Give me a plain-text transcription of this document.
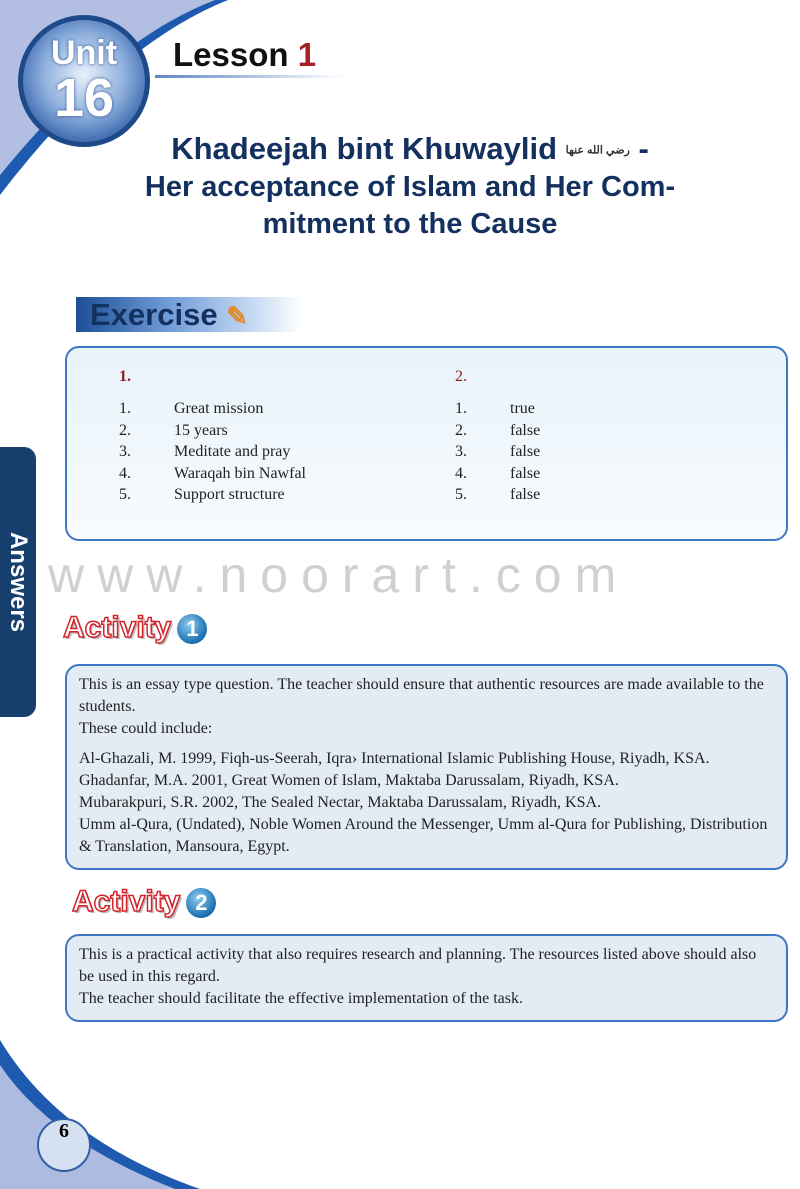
Unit
16
Lesson 1
Khadeejah bint Khuwaylid رضي الله عنها -
Her acceptance of Islam and Her Com-
mitment to the Cause
Exercise ✎
1.
1.	Great mission
2.	15 years
3.	Meditate and pray
4.	Waraqah bin Nawfal
5.	Support structure
2.
1.	true
2.	false
3.	false
4.	false
5.	false
Answers www.noorart.com
Activity 1

This is an essay type question. The teacher should ensure that authentic resources are made available to the students.

These could include:

Al-Ghazali, M. 1999, Fiqh-us-Seerah, Iqra› International Islamic Publishing House, Riyadh, KSA.

Ghadanfar, M.A. 2001, Great Women of Islam, Maktaba Darussalam, Riyadh, KSA.

Mubarakpuri, S.R. 2002, The Sealed Nectar, Maktaba Darussalam, Riyadh, KSA.

Umm al-Qura, (Undated), Noble Women Around the Messenger, Umm al-Qura for Publishing, Distribution & Translation, Mansoura, Egypt.

Activity 2

This is a practical activity that also requires research and planning. The resources listed above should also be used in this regard.

The teacher should facilitate the effective implementation of the task.

6
